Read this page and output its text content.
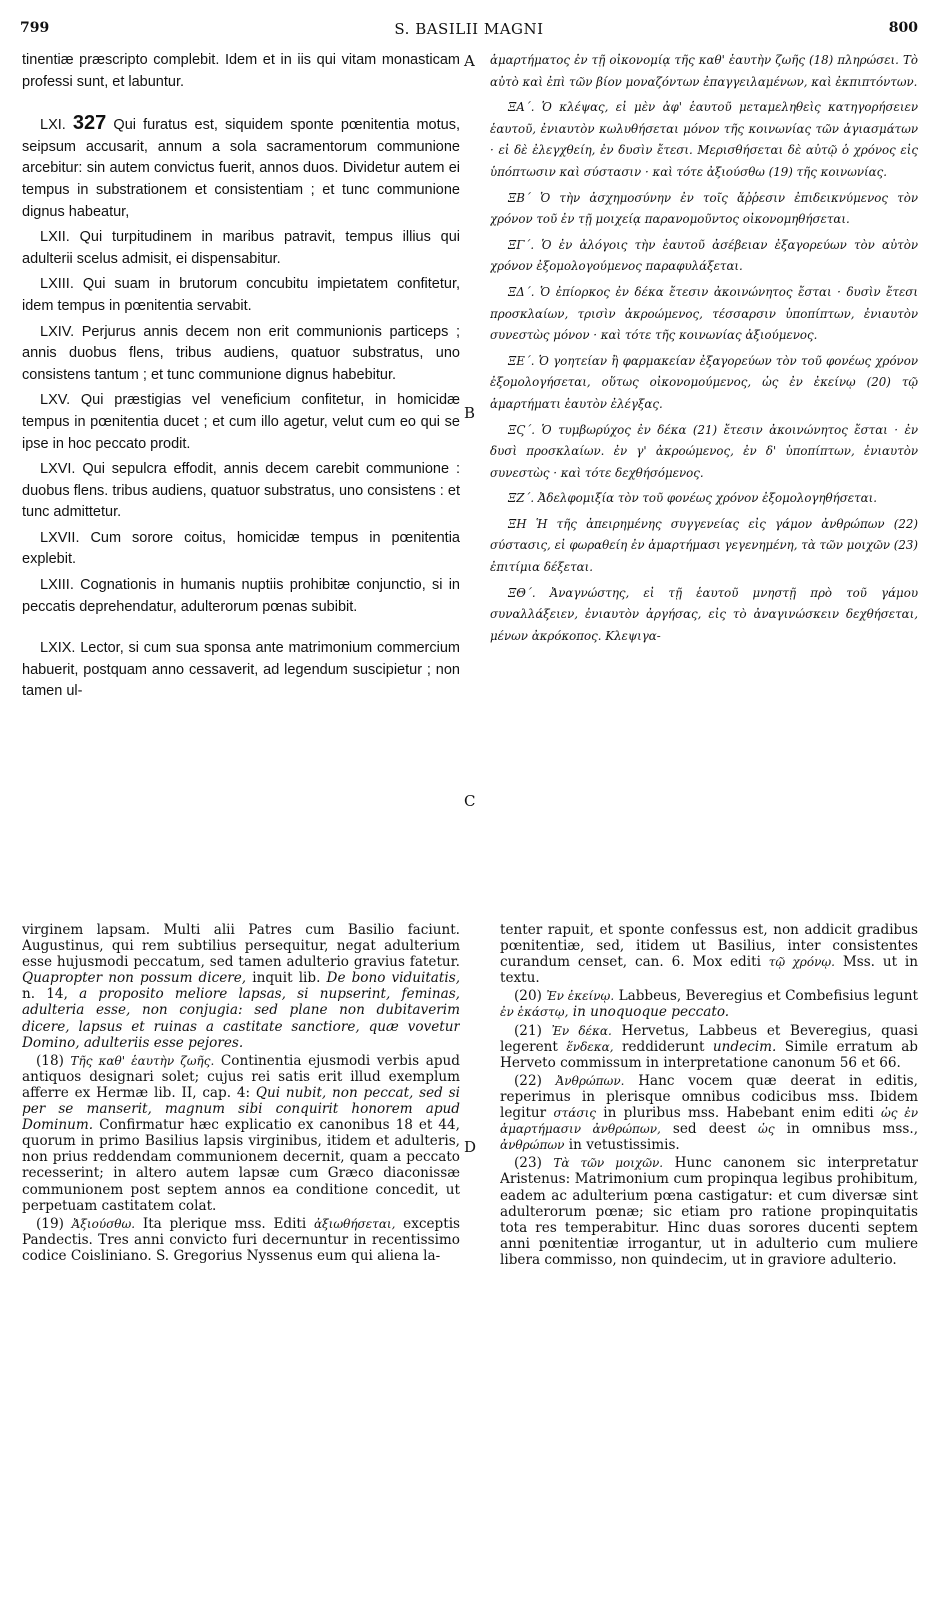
799	S. BASILII MAGNI	800

tinentiæ præscripto complebit. Idem et in iis qui vitam monasticam professi sunt, et labuntur.

LXI. 327 Qui furatus est, siquidem sponte pœnitentia motus, seipsum accusarit, annum a sola sacramentorum communione arcebitur: sin autem convictus fuerit, annos duos. Dividetur autem ei tempus in substrationem et consistentiam ; et tunc communione dignus habeatur,

LXII. Qui turpitudinem in maribus patravit, tempus illius qui adulterii scelus admisit, ei dispensabitur.

LXIII. Qui suam in brutorum concubitu impietatem confitetur, idem tempus in pœnitentia servabit.

LXIV. Perjurus annis decem non erit communionis particeps ; annis duobus flens, tribus audiens, quatuor substratus, uno consistens tantum ; et tunc communione dignus habebitur.

LXV. Qui præstigias vel veneficium confitetur, in homicidæ tempus in pœnitentia ducet ; et cum illo agetur, velut cum eo qui se ipse in hoc peccato prodit.

LXVI. Qui sepulcra effodit, annis decem carebit communione : duobus flens. tribus audiens, quatuor substratus, uno consistens : et tunc admittetur.

LXVII. Cum sorore coitus, homicidæ tempus in pœnitentia explebit.

LXIII. Cognationis in humanis nuptiis prohibitæ conjunctio, si in peccatis deprehendatur, adulterorum pœnas subibit.

LXIX. Lector, si cum sua sponsa ante matrimonium commercium habuerit, postquam anno cessaverit, ad legendum suscipietur ; non tamen ul-

A
B
C
D

ἁμαρτήματος ἐν τῇ οἰκονομίᾳ τῆς καθ' ἑαυτὴν ζωῆς (18) πληρώσει. Τὸ αὐτὸ καὶ ἐπὶ τῶν βίον μοναζόντων ἐπαγγειλαμένων, καὶ ἐκπιπτόντων.

ΞΑ΄. Ὁ κλέψας, εἰ μὲν ἀφ' ἑαυτοῦ μεταμεληθεὶς κατηγορήσειεν ἑαυτοῦ, ἐνιαυτὸν κωλυθήσεται μόνον τῆς κοινωνίας τῶν ἁγιασμάτων · εἰ δὲ ἐλεγχθείη, ἐν δυσὶν ἔτεσι. Μερισθήσεται δὲ αὐτῷ ὁ χρόνος εἰς ὑπόπτωσιν καὶ σύστασιν · καὶ τότε ἀξιούσθω (19) τῆς κοινωνίας.

ΞΒ΄ Ὁ τὴν ἀσχημοσύνην ἐν τοῖς ἄῤῥεσιν ἐπιδεικνύμενος τὸν χρόνον τοῦ ἐν τῇ μοιχείᾳ παρανομοῦντος οἰκονομηθήσεται.

ΞΓ΄. Ὁ ἐν ἀλόγοις τὴν ἑαυτοῦ ἀσέβειαν ἐξαγορεύων τὸν αὐτὸν χρόνον ἐξομολογούμενος παραφυλάξεται.

ΞΔ΄. Ὁ ἐπίορκος ἐν δέκα ἔτεσιν ἀκοινώνητος ἔσται · δυσὶν ἔτεσι προσκλαίων, τρισὶν ἀκροώμενος, τέσσαρσιν ὑποπίπτων, ἐνιαυτὸν συνεστὼς μόνον · καὶ τότε τῆς κοινωνίας ἀξιούμενος.

ΞΕ΄. Ὁ γοητείαν ἢ φαρμακείαν ἐξαγορεύων τὸν τοῦ φονέως χρόνον ἐξομολογήσεται, οὕτως οἰκονομούμενος, ὡς ἐν ἐκείνῳ (20) τῷ ἁμαρτήματι ἑαυτὸν ἐλέγξας.

ΞϚ΄. Ὁ τυμβωρύχος ἐν δέκα (21) ἔτεσιν ἀκοινώνητος ἔσται · ἐν δυσὶ προσκλαίων. ἐν γ' ἀκροώμενος, ἐν δ' ὑποπίπτων, ἐνιαυτὸν συνεστὼς · καὶ τότε δεχθήσόμενος.

ΞΖ΄. Ἀδελφομιξία τὸν τοῦ φονέως χρόνον ἐξομολογηθήσεται.

ΞΗ Ἡ τῆς ἀπειρημένης συγγενείας εἰς γάμον ἀνθρώπων (22) σύστασις, εἰ φωραθείη ἐν ἁμαρτήμασι γεγενημένη, τὰ τῶν μοιχῶν (23) ἐπιτίμια δέξεται.

ΞΘ΄. Ἀναγνώστης, εἰ τῇ ἑαυτοῦ μνηστῇ πρὸ τοῦ γάμου συναλλάξειεν, ἐνιαυτὸν ἀργήσας, εἰς τὸ ἀναγινώσκειν δεχθήσεται, μένων ἀκρόκοπος. Κλεψιγα-

virginem lapsam. Multi alii Patres cum Basilio faciunt. Augustinus, qui rem subtilius persequitur, negat adulterium esse hujusmodi peccatum, sed tamen adulterio gravius fatetur. Quapropter non possum dicere, inquit lib. De bono viduitatis, n. 14, a proposito meliore lapsas, si nupserint, feminas, adulteria esse, non conjugia: sed plane non dubitaverim dicere, lapsus et ruinas a castitate sanctiore, quæ vovetur Domino, adulteriis esse pejores.

(18) Τῆς καθ' ἑαυτὴν ζωῆς. Continentia ejusmodi verbis apud antiquos designari solet; cujus rei satis erit illud exemplum afferre ex Hermæ lib. II, cap. 4: Qui nubit, non peccat, sed si per se manserit, magnum sibi conquirit honorem apud Dominum. Confirmatur hæc explicatio ex canonibus 18 et 44, quorum in primo Basilius lapsis virginibus, itidem et adulteris, non prius reddendam communionem decernit, quam a peccato recesserint; in altero autem lapsæ cum Græco diaconissæ communionem post septem annos ea conditione concedit, ut perpetuam castitatem colat.

(19) Ἀξιούσθω. Ita plerique mss. Editi ἀξιωθήσεται, exceptis Pandectis. Tres anni convicto furi decernuntur in recentissimo codice Coisliniano. S. Gregorius Nyssenus eum qui aliena la-

tenter rapuit, et sponte confessus est, non addicit gradibus pœnitentiæ, sed, itidem ut Basilius, inter consistentes curandum censet, can. 6. Mox editi τῷ χρόνῳ. Mss. ut in textu.

(20) Ἐν ἐκείνῳ. Labbeus, Beveregius et Combefisius legunt ἐν ἑκάστῳ, in unoquoque peccato.

(21) Ἐν δέκα. Hervetus, Labbeus et Beveregius, quasi legerent ἕνδεκα, reddiderunt undecim. Simile erratum ab Herveto commissum in interpretatione canonum 56 et 66.

(22) Ἀνθρώπων. Hanc vocem quæ deerat in editis, reperimus in plerisque omnibus codicibus mss. Ibidem legitur στάσις in pluribus mss. Habebant enim editi ὡς ἐν ἁμαρτήμασιν ἀνθρώπων, sed deest ὡς in omnibus mss., ἀνθρώπων in vetustissimis.

(23) Τὰ τῶν μοιχῶν. Hunc canonem sic interpretatur Aristenus: Matrimonium cum propinqua legibus prohibitum, eadem ac adulterium pœna castigatur: et cum diversæ sint adulterorum pœnæ; sic etiam pro ratione propinquitatis tota res temperabitur. Hinc duas sorores ducenti septem anni pœnitentiæ irrogantur, ut in adulterio cum muliere libera commisso, non quindecim, ut in graviore adulterio.
